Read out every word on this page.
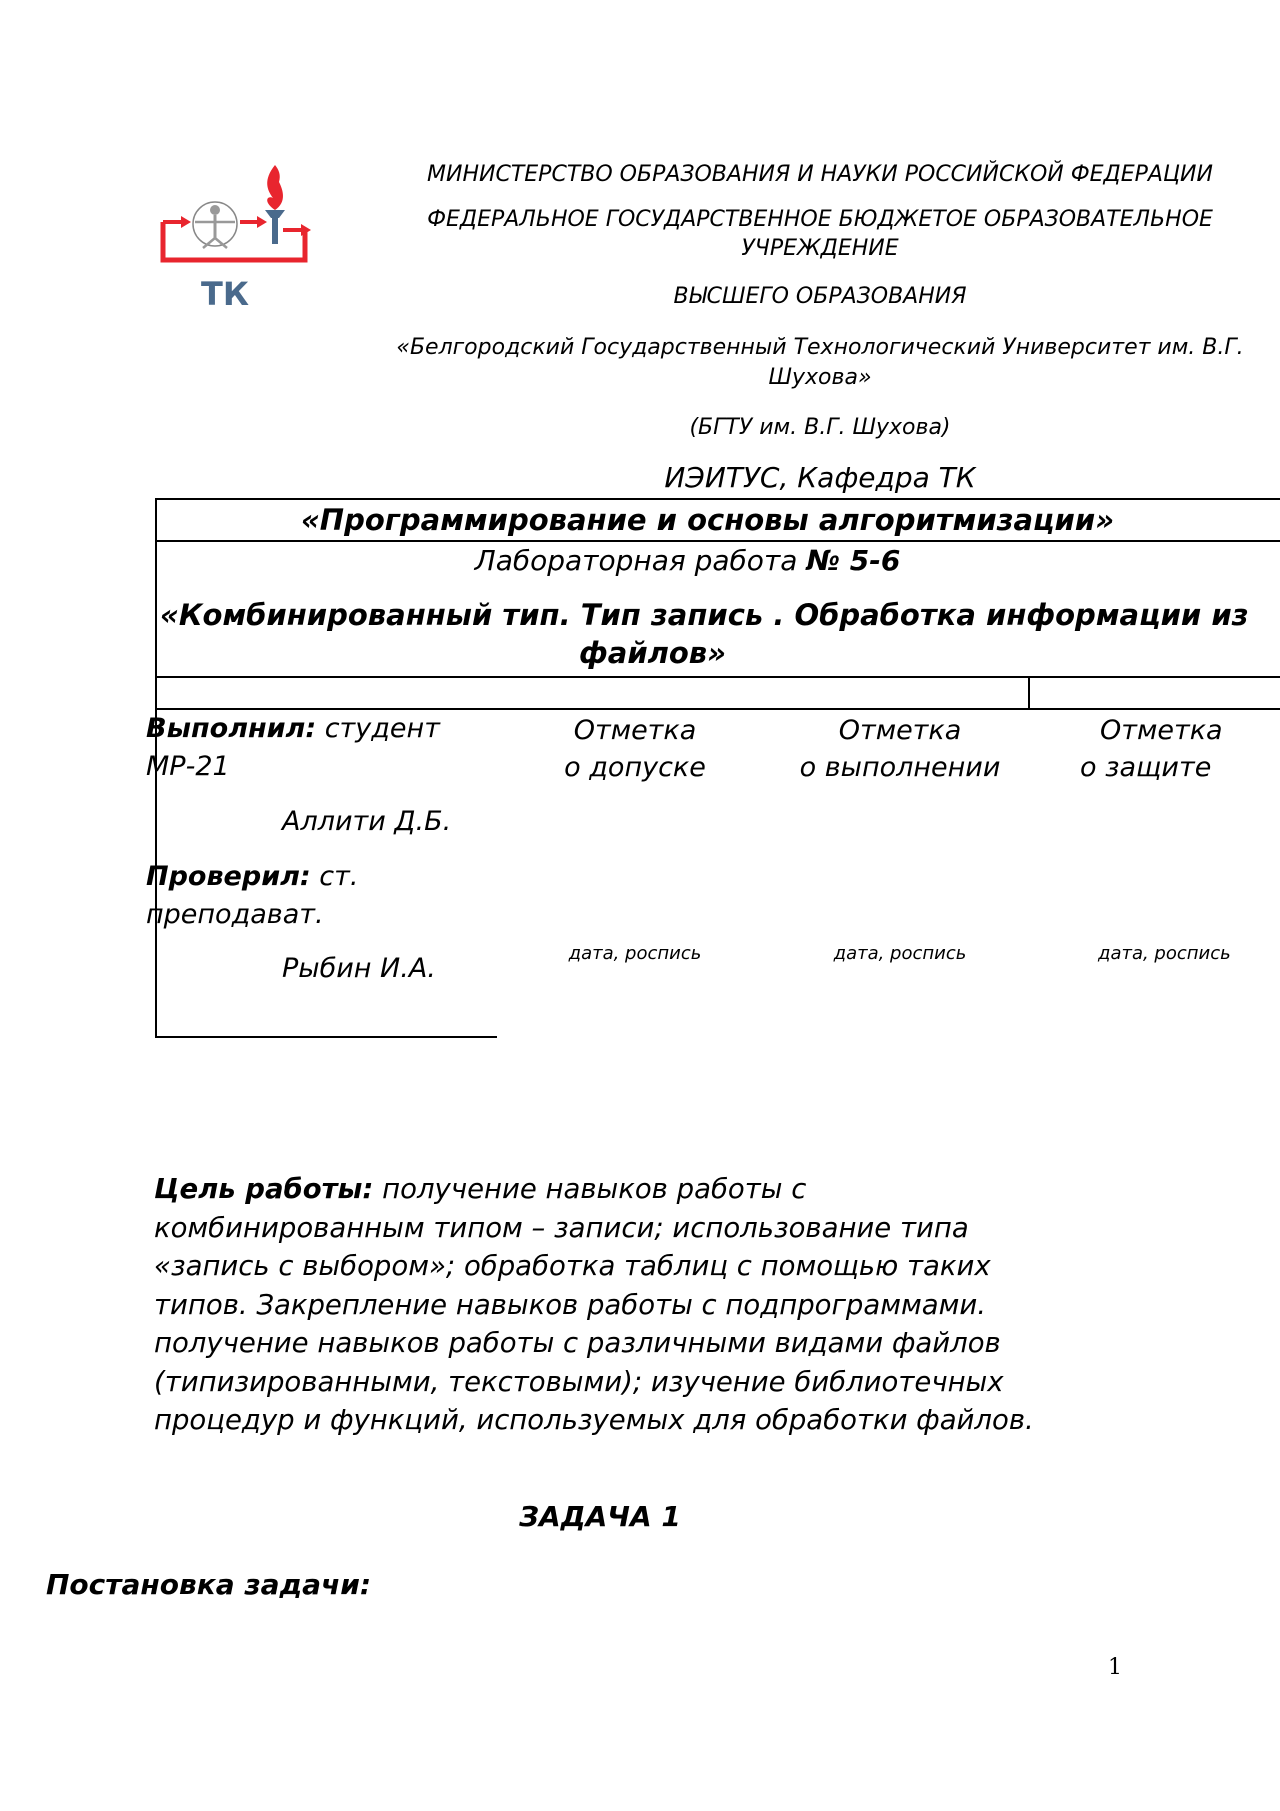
ТК
МИНИСТЕРСТВО ОБРАЗОВАНИЯ И НАУКИ РОССИЙСКОЙ ФЕДЕРАЦИИ
ФЕДЕРАЛЬНОЕ ГОСУДАРСТВЕННОЕ БЮДЖЕТОЕ ОБРАЗОВАТЕЛЬНОЕ
УЧРЕЖДЕНИЕ
ВЫСШЕГО ОБРАЗОВАНИЯ
«Белгородский Государственный Технологический Университет им. В.Г.
Шухова»
(БГТУ им. В.Г. Шухова)
ИЭИТУС, Кафедра ТК
«Программирование и основы алгоритмизации»
Лабораторная работа № 5-6
«Комбинированный тип. Тип запись . Обработка информации из
файлов»
Выполнил: студент
МР-21
Аллити Д.Б.
Проверил: ст.
преподават.
Рыбин И.А.
Отметка
о допуске
дата, роспись
Отметка
о выполнении
дата, роспись
Отметка
о защите
дата, роспись
Цель работы: получение навыков работы с
комбинированным типом – записи; использование типа
«запись с выбором»; обработка таблиц с помощью таких
типов. Закрепление навыков работы с подпрограммами.
получение навыков работы с различными видами файлов
(типизированными, текстовыми); изучение библиотечных
процедур и функций, используемых для обработки файлов.
ЗАДАЧА 1
Постановка задачи:
1
